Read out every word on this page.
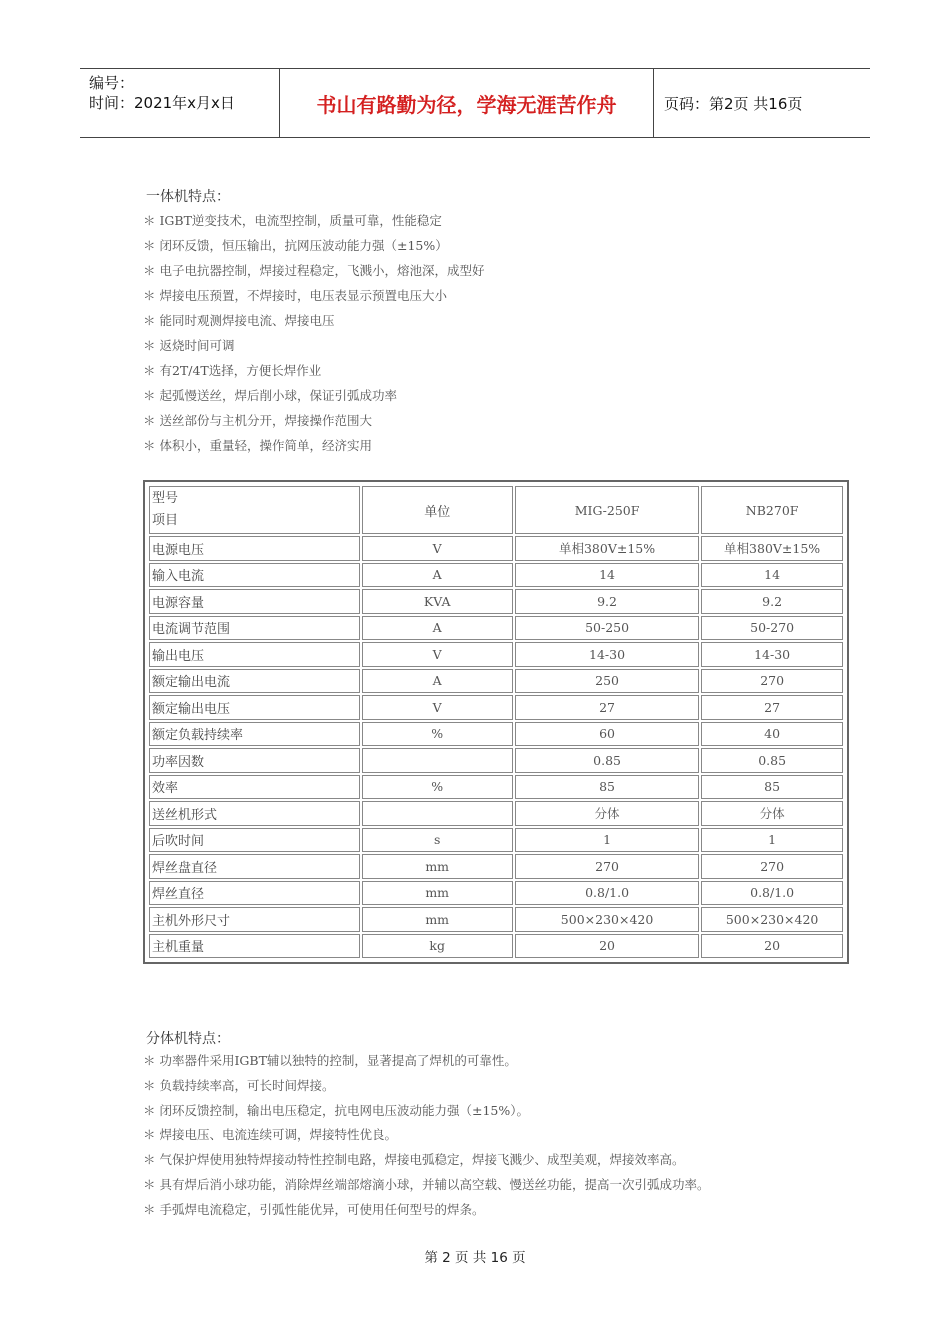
编号：
时间：2021年x月x日	书山有路勤为径，学海无涯苦作舟	页码：第2页 共16页
一体机特点：
＊ IGBT逆变技术，电流型控制，质量可靠，性能稳定
＊ 闭环反馈，恒压输出，抗网压波动能力强（±15%）
＊ 电子电抗器控制，焊接过程稳定，飞溅小，熔池深，成型好
＊ 焊接电压预置，不焊接时，电压表显示预置电压大小
＊ 能同时观测焊接电流、焊接电压
＊ 返烧时间可调
＊ 有2T/4T选择，方便长焊作业
＊ 起弧慢送丝，焊后削小球，保证引弧成功率
＊ 送丝部份与主机分开，焊接操作范围大
＊ 体积小，重量轻，操作简单，经济实用
型号
项目	单位	MIG-250F	NB270F
电源电压	V	单相380V±15%	单相380V±15%
输入电流	A	14	14
电源容量	KVA	9.2	9.2
电流调节范围	A	50-250	50-270
输出电压	V	14-30	14-30
额定输出电流	A	250	270
额定输出电压	V	27	27
额定负载持续率	%	60	40
功率因数		0.85	0.85
效率	%	85	85
送丝机形式		分体	分体
后吹时间	s	1	1
焊丝盘直径	mm	270	270
焊丝直径	mm	0.8/1.0	0.8/1.0
主机外形尺寸	mm	500×230×420	500×230×420
主机重量	kg	20	20
分体机特点：
＊ 功率器件采用IGBT辅以独特的控制，显著提高了焊机的可靠性。
＊ 负载持续率高，可长时间焊接。
＊ 闭环反馈控制，输出电压稳定，抗电网电压波动能力强（±15%）。
＊ 焊接电压、电流连续可调，焊接特性优良。
＊ 气保护焊使用独特焊接动特性控制电路，焊接电弧稳定，焊接飞溅少、成型美观，焊接效率高。
＊ 具有焊后消小球功能，消除焊丝端部熔滴小球，并辅以高空载、慢送丝功能，提高一次引弧成功率。
＊ 手弧焊电流稳定，引弧性能优异，可使用任何型号的焊条。
第 2 页 共 16 页
